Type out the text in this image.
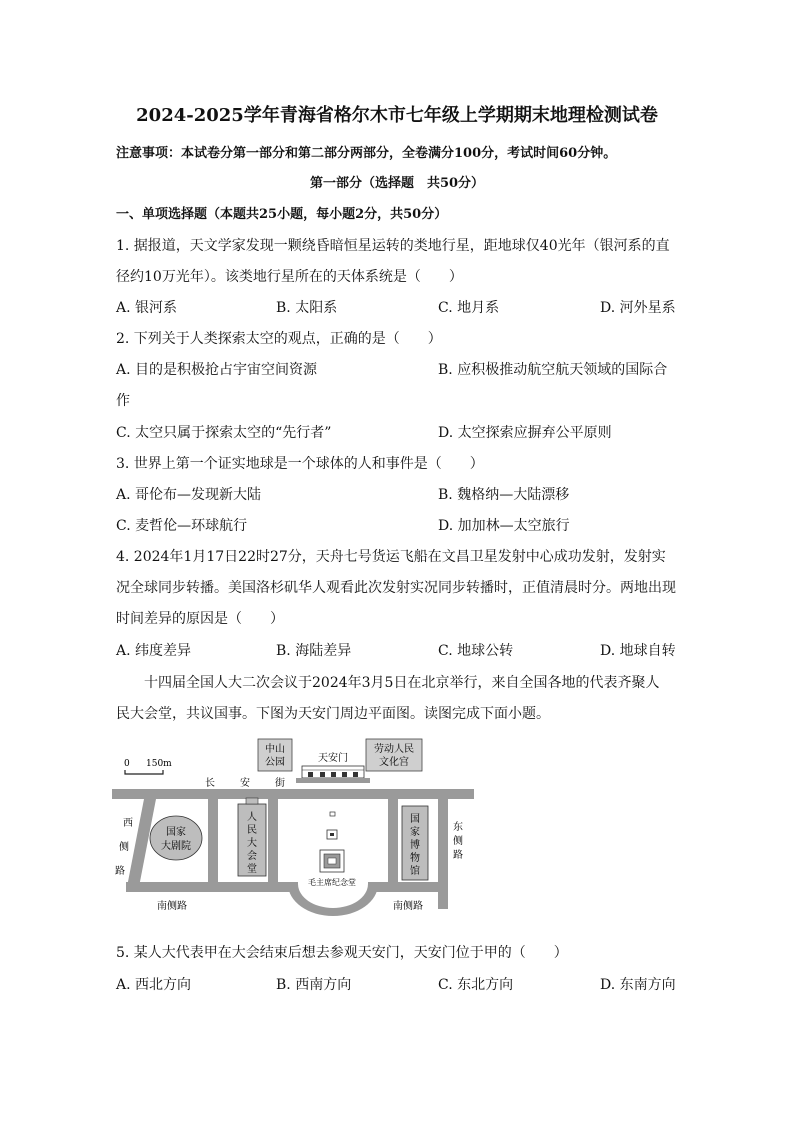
2024-2025学年青海省格尔木市七年级上学期期末地理检测试卷
注意事项：本试卷分第一部分和第二部分两部分，全卷满分100分，考试时间60分钟。
第一部分（选择题　共50分）
一、单项选择题（本题共25小题，每小题2分，共50分）
1. 据报道，天文学家发现一颗绕昏暗恒星运转的类地行星，距地球仅40光年（银河系的直
径约10万光年）。该类地行星所在的天体系统是（　　）
A. 银河系	B. 太阳系	C. 地月系	D. 河外星系
2. 下列关于人类探索太空的观点，正确的是（　　）
A. 目的是积极抢占宇宙空间资源	B. 应积极推动航空航天领域的国际合
作
C. 太空只属于探索太空的“先行者”	D. 太空探索应摒弃公平原则
3. 世界上第一个证实地球是一个球体的人和事件是（　　）
A. 哥伦布—发现新大陆	B. 魏格纳—大陆漂移
C. 麦哲伦—环球航行	D. 加加林—太空旅行
4. 2024年1月17日22时27分，天舟七号货运飞船在文昌卫星发射中心成功发射，发射实
况全球同步转播。美国洛杉矶华人观看此次发射实况同步转播时，正值清晨时分。两地出现
时间差异的原因是（　　）
A. 纬度差异	B. 海陆差异	C. 地球公转	D. 地球自转
十四届全国人大二次会议于2024年3月5日在北京举行，来自全国各地的代表齐聚人
民大会堂，共议国事。下图为天安门周边平面图。读图完成下面小题。
0 150m
中山
公园	天安门
劳动人民
文化宫
长	安	街
西
侧
路
东
侧
路
国家
大剧院
人
民
大
会
堂
国
家
博
物
馆
毛主席纪念堂
南侧路	南侧路
5. 某人大代表甲在大会结束后想去参观天安门，天安门位于甲的（　　）
A. 西北方向	B. 西南方向	C. 东北方向	D. 东南方向
